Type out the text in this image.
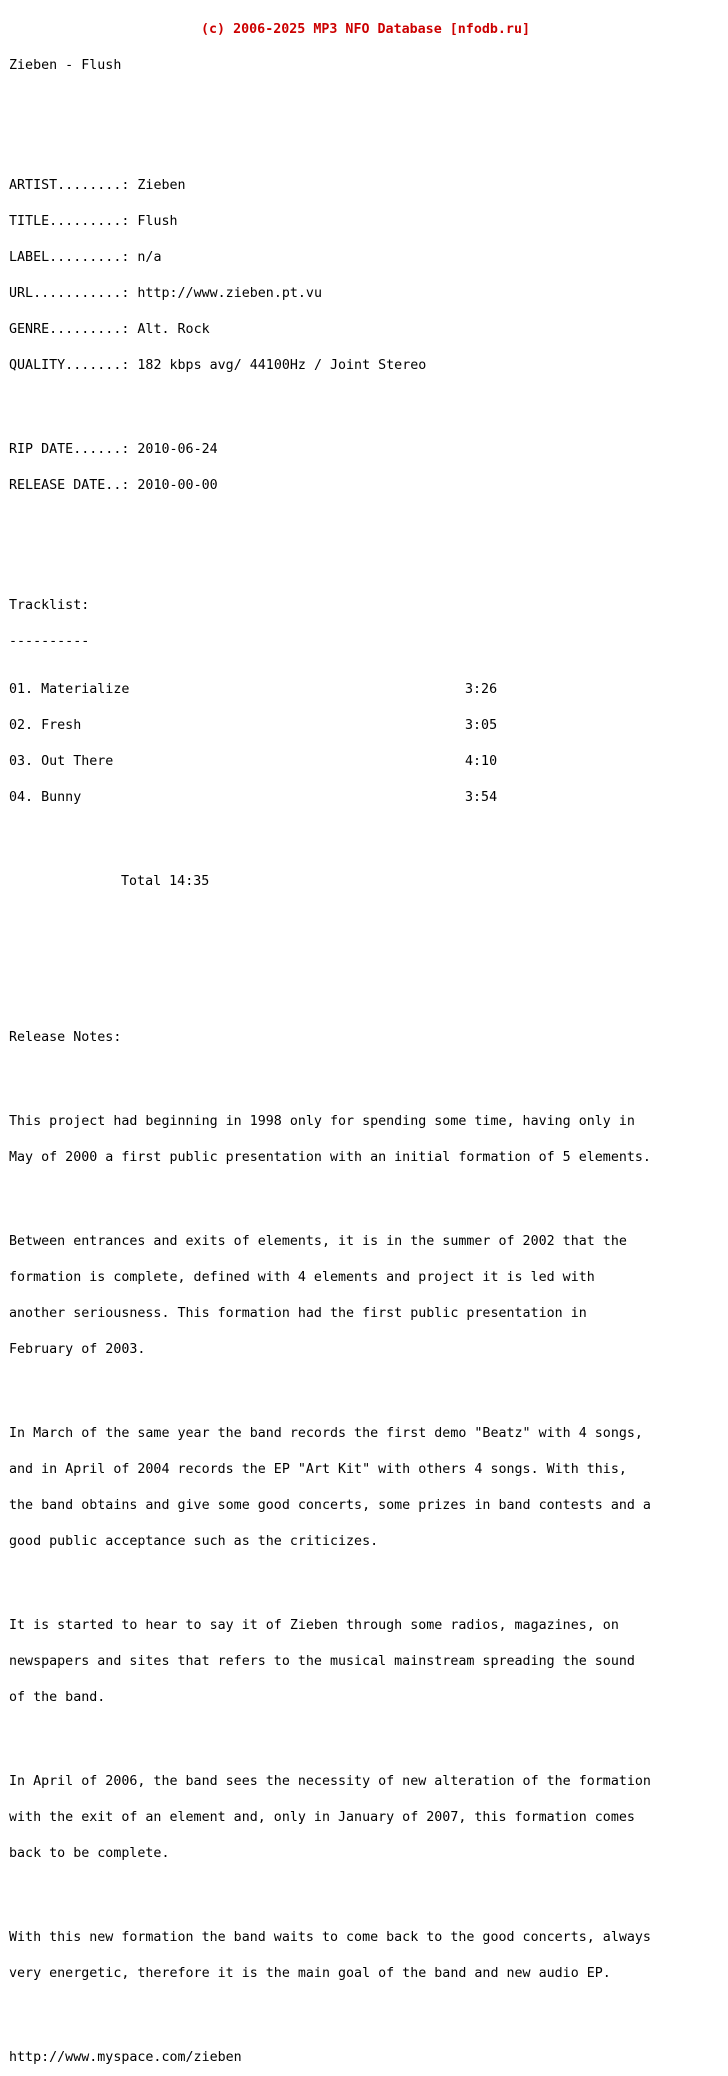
(c) 2006-2025 MP3 NFO Database [nfodb.ru]

Zieben - Flush

ARTIST........: Zieben

TITLE.........: Flush

LABEL.........: n/a

URL...........: http://www.zieben.pt.vu

GENRE.........: Alt. Rock

QUALITY.......: 182 kbps avg/ 44100Hz / Joint Stereo

RIP DATE......: 2010-06-24

RELEASE DATE..: 2010-00-00

Tracklist:

----------

01. Materialize	3:26

02. Fresh	3:05

03. Out There	4:10

04. Bunny	3:54

Total 14:35

Release Notes:

This project had beginning in 1998 only for spending some time, having only in

May of 2000 a first public presentation with an initial formation of 5 elements.

Between entrances and exits of elements, it is in the summer of 2002 that the

formation is complete, defined with 4 elements and project it is led with

another seriousness. This formation had the first public presentation in

February of 2003.

In March of the same year the band records the first demo "Beatz" with 4 songs,

and in April of 2004 records the EP "Art Kit" with others 4 songs. With this,

the band obtains and give some good concerts, some prizes in band contests and a

good public acceptance such as the criticizes.

It is started to hear to say it of Zieben through some radios, magazines, on

newspapers and sites that refers to the musical mainstream spreading the sound

of the band.

In April of 2006, the band sees the necessity of new alteration of the formation

with the exit of an element and, only in January of 2007, this formation comes

back to be complete.

With this new formation the band waits to come back to the good concerts, always

very energetic, therefore it is the main goal of the band and new audio EP.

http://www.myspace.com/zieben
